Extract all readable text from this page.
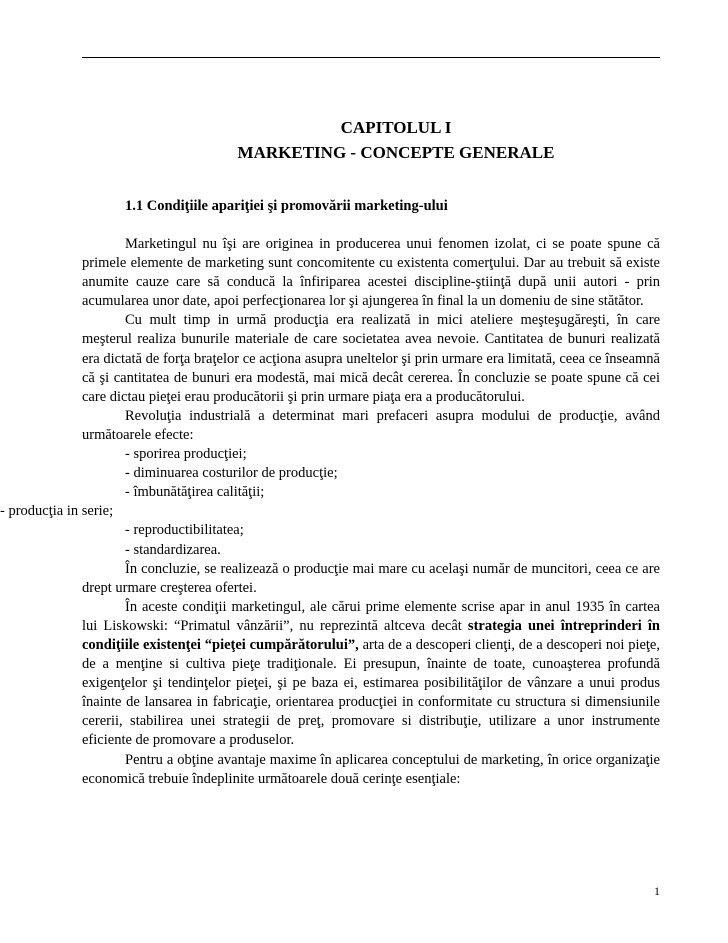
CAPITOLUL I
MARKETING - CONCEPTE GENERALE
1.1 Condiţiile apariţiei şi promovării marketing-ului

Marketingul nu îşi are originea in producerea unui fenomen izolat, ci se poate spune că primele elemente de marketing sunt concomitente cu existenta comerţului. Dar au trebuit să existe anumite cauze care să conducă la înfiriparea acestei discipline-ştiinţă după unii autori - prin acumularea unor date, apoi perfecţionarea lor şi ajungerea în final la un domeniu de sine stătător.

Cu mult timp in urmă producţia era realizată in mici ateliere meşteşugăreşti, în care meşterul realiza bunurile materiale de care societatea avea nevoie. Cantitatea de bunuri realizată era dictată de forţa braţelor ce acţiona asupra uneltelor şi prin urmare era limitată, ceea ce înseamnă că şi cantitatea de bunuri era modestă, mai mică decât cererea. În concluzie se poate spune că cei care dictau pieţei erau producătorii şi prin urmare piaţa era a producătorului.

Revoluţia industrială a determinat mari prefaceri asupra modului de producţie, având următoarele efecte:

- sporirea producţiei;

- diminuarea costurilor de producţie;

- îmbunătăţirea calităţii;

- producţia in serie;

- reproductibilitatea;

- standardizarea.

În concluzie, se realizează o producţie mai mare cu acelaşi număr de muncitori, ceea ce are drept urmare creşterea ofertei.

În aceste condiţii marketingul, ale cărui prime elemente scrise apar in anul 1935 în cartea lui Liskowski: “Primatul vânzării”, nu reprezintă altceva decât strategia unei întreprinderi în condiţiile existenţei “pieţei cumpărătorului”, arta de a descoperi clienţi, de a descoperi noi pieţe, de a menţine si cultiva pieţe tradiţionale. Ei presupun, înainte de toate, cunoaşterea profundă exigenţelor şi tendinţelor pieţei, şi pe baza ei, estimarea posibilităţilor de vânzare a unui produs înainte de lansarea in fabricaţie, orientarea producţiei in conformitate cu structura si dimensiunile cererii, stabilirea unei strategii de preţ, promovare si distribuţie, utilizare a unor instrumente eficiente de promovare a produselor.

Pentru a obţine avantaje maxime în aplicarea conceptului de marketing, în orice organizaţie economică trebuie îndeplinite următoarele două cerinţe esenţiale:

1
